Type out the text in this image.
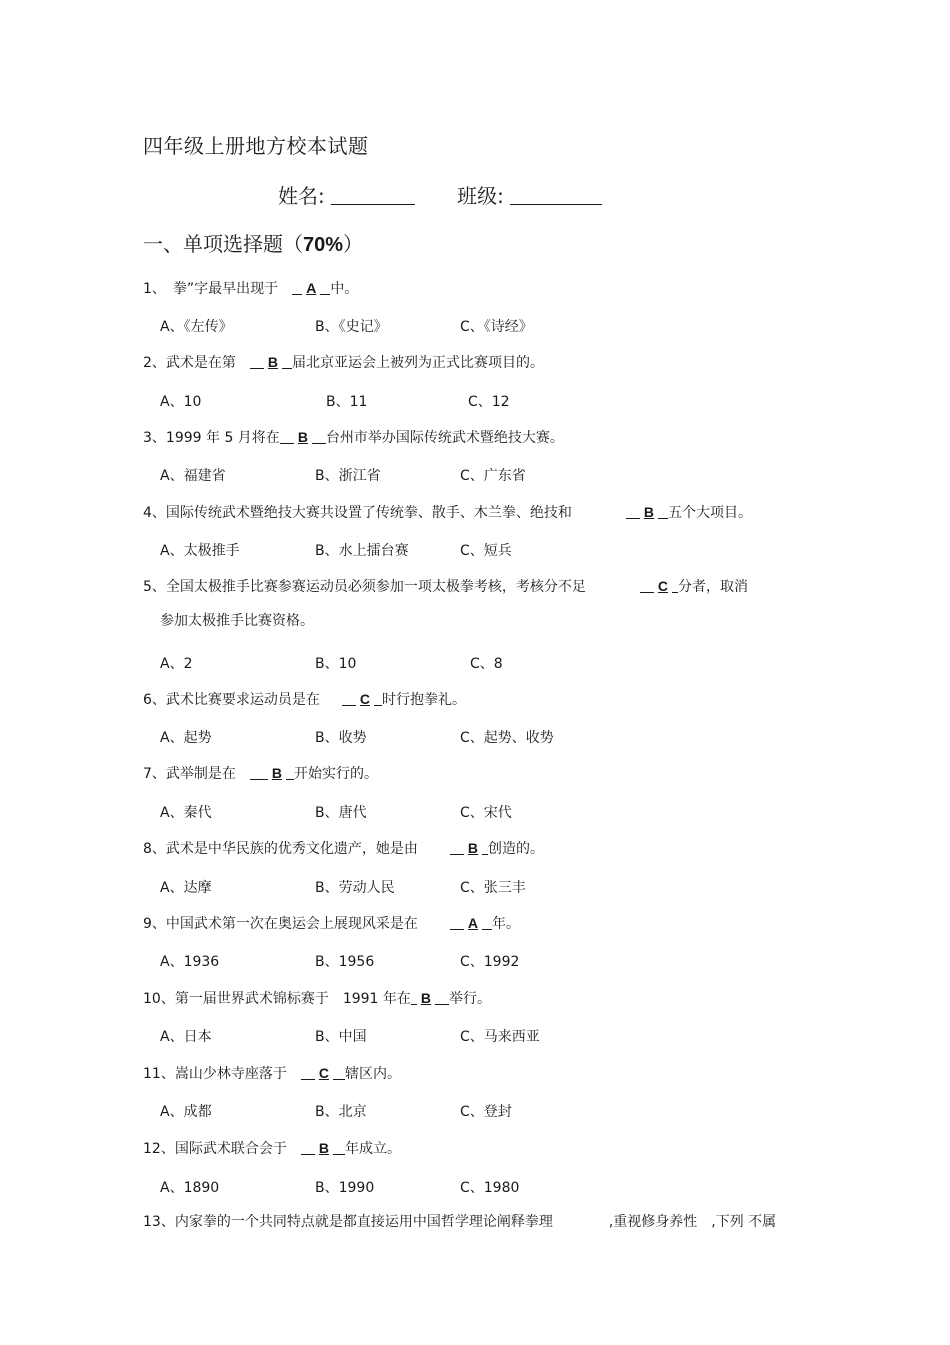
四年级上册地方校本试题
姓名:	班级:
一、单项选择题（70%）
1、　 拳”字最早出现于　 A 中。
A、《左传》	B、《史记》	C、《诗经》
2、武术是在第　 B 届北京亚运会上被列为正式比赛项目的。
A、10	B、11	C、12
3、1999 年 5 月将在 B 台州市举办国际传统武术暨绝技大赛。
A、福建省	B、浙江省	C、广东省
4、国际传统武术暨绝技大赛共设置了传统拳、散手、木兰拳、绝技和	B 五个大项目。
A、太极推手	B、水上擂台赛	C、短兵
5、全国太极推手比赛参赛运动员必须参加一项太极拳考核，考核分不足	C 分者，取消
参加太极推手比赛资格。
A、2	B、10	C、8
6、武术比赛要求运动员是在	C 时行抱拳礼。
A、起势	B、收势	C、起势、收势
7、武举制是在　	B 开始实行的。
A、秦代	B、唐代	C、宋代
8、武术是中华民族的优秀文化遗产，她是由	B 创造的。
A、达摩	B、劳动人民	C、张三丰
9、中国武术第一次在奥运会上展现风采是在	A 年。
A、1936	B、1956	C、1992
10、第一届世界武术锦标赛于　1991 年在 B 举行。
A、日本	B、中国	C、马来西亚
11、嵩山少林寺座落于　 C 辖区内。
A、成都	B、北京	C、登封
12、国际武术联合会于　 B 年成立。
A、1890	B、1990	C、1980
13、内家拳的一个共同特点就是都直接运用中国哲学理论阐释拳理	,重视修身养性　,下列 不属
